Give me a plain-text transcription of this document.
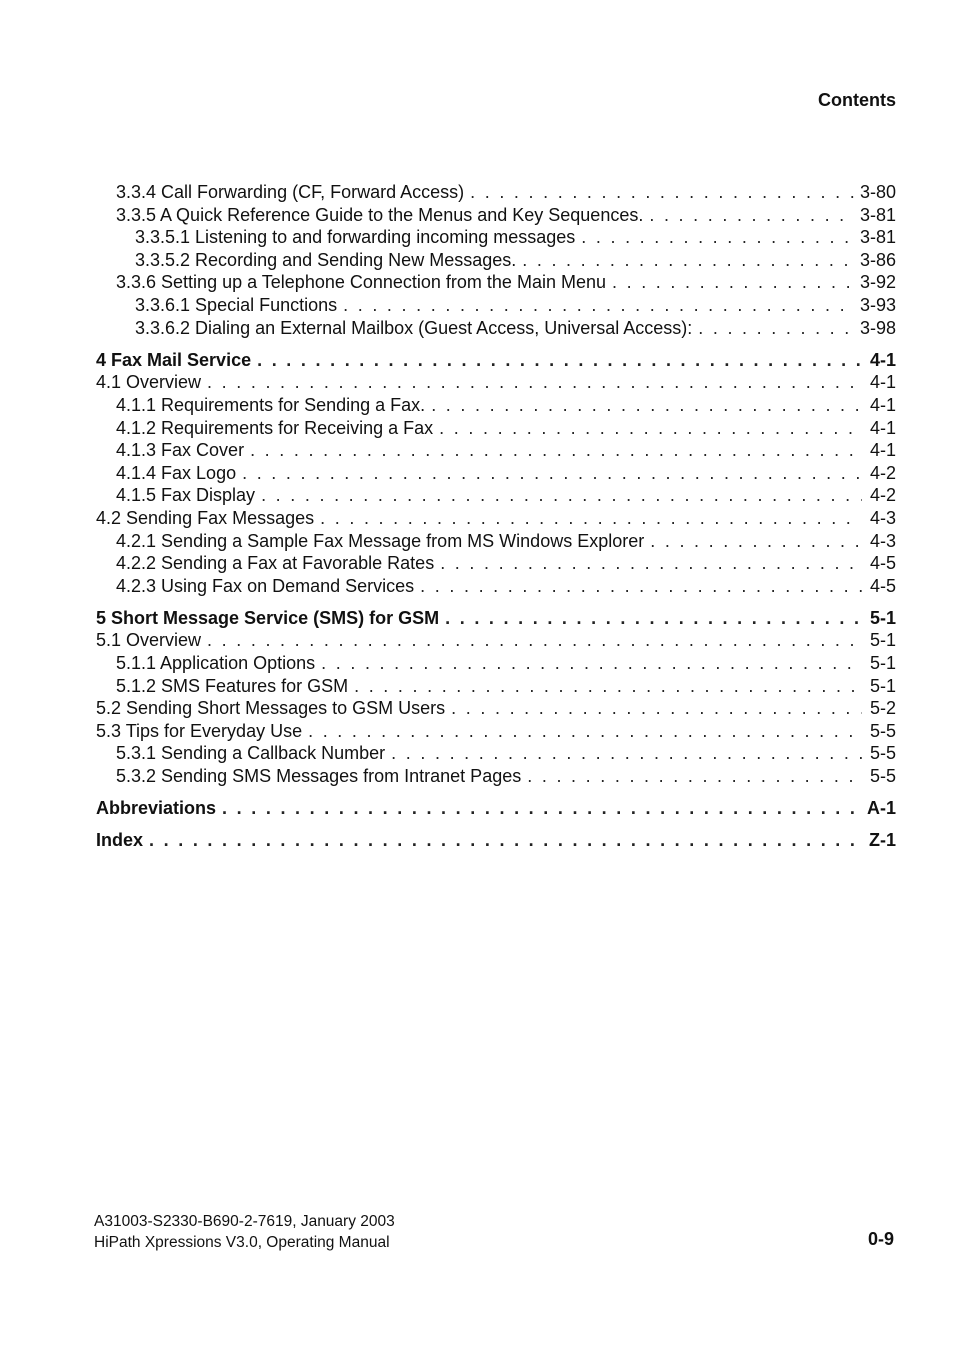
Contents
3.3.4 Call Forwarding (CF, Forward Access) . . .	3-80
3.3.5 A Quick Reference Guide to the Menus and Key Sequences. . . .	3-81
3.3.5.1 Listening to and forwarding incoming messages . . .	3-81
3.3.5.2 Recording and Sending New Messages. . . .	3-86
3.3.6 Setting up a Telephone Connection from the Main Menu . . .	3-92
3.3.6.1 Special Functions . . .	3-93
3.3.6.2 Dialing an External Mailbox (Guest Access, Universal Access): . . .	3-98
4 Fax Mail Service . . .	4-1
4.1 Overview . . .	4-1
4.1.1 Requirements for Sending a Fax. . . .	4-1
4.1.2 Requirements for Receiving a Fax . . .	4-1
4.1.3 Fax Cover . . .	4-1
4.1.4 Fax Logo . . .	4-2
4.1.5 Fax Display . . .	4-2
4.2 Sending Fax Messages . . .	4-3
4.2.1 Sending a Sample Fax Message from MS Windows Explorer . . .	4-3
4.2.2 Sending a Fax at Favorable Rates . . .	4-5
4.2.3 Using Fax on Demand Services . . .	4-5
5 Short Message Service (SMS) for GSM . . .	5-1
5.1 Overview . . .	5-1
5.1.1 Application Options . . .	5-1
5.1.2 SMS Features for GSM . . .	5-1
5.2 Sending Short Messages to GSM Users . . .	5-2
5.3 Tips for Everyday Use . . .	5-5
5.3.1 Sending a Callback Number . . .	5-5
5.3.2 Sending SMS Messages from Intranet Pages . . .	5-5
Abbreviations . . .	A-1
Index . . .	Z-1
A31003-S2330-B690-2-7619, January 2003
HiPath Xpressions V3.0, Operating Manual	0-9
